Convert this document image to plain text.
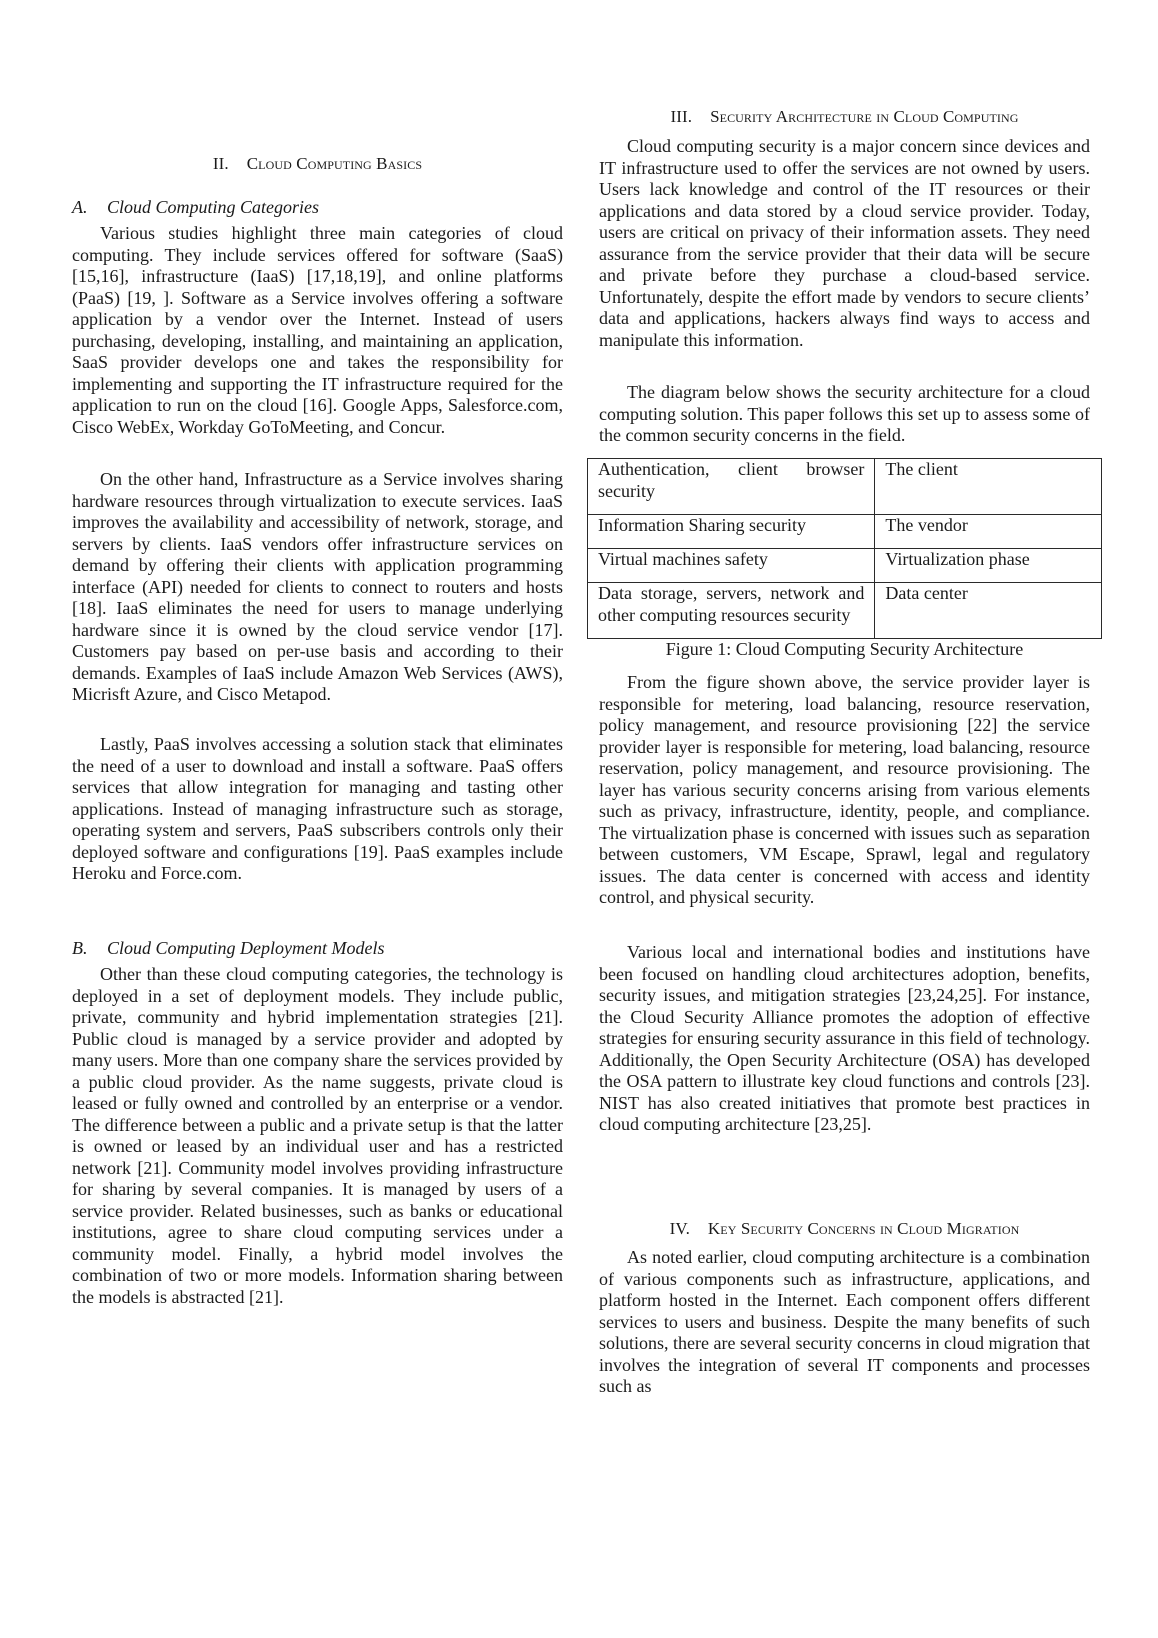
II. Cloud Computing Basics
A. Cloud Computing Categories

Various studies highlight three main categories of cloud computing. They include services offered for software (SaaS) [15,16], infrastructure (IaaS) [17,18,19], and online platforms (PaaS) [19, ]. Software as a Service involves offering a software application by a vendor over the Internet. Instead of users purchasing, developing, installing, and maintaining an application, SaaS provider develops one and takes the responsibility for implementing and supporting the IT infrastructure required for the application to run on the cloud [16]. Google Apps, Salesforce.com, Cisco WebEx, Workday GoToMeeting, and Concur.

On the other hand, Infrastructure as a Service involves sharing hardware resources through virtualization to execute services. IaaS improves the availability and accessibility of network, storage, and servers by clients. IaaS vendors offer infrastructure services on demand by offering their clients with application programming interface (API) needed for clients to connect to routers and hosts [18]. IaaS eliminates the need for users to manage underlying hardware since it is owned by the cloud service vendor [17]. Customers pay based on per-use basis and according to their demands. Examples of IaaS include Amazon Web Services (AWS), Micrisft Azure, and Cisco Metapod.

Lastly, PaaS involves accessing a solution stack that eliminates the need of a user to download and install a software. PaaS offers services that allow integration for managing and tasting other applications. Instead of managing infrastructure such as storage, operating system and servers, PaaS subscribers controls only their deployed software and configurations [19]. PaaS examples include Heroku and Force.com.

B. Cloud Computing Deployment Models

Other than these cloud computing categories, the technology is deployed in a set of deployment models. They include public, private, community and hybrid implementation strategies [21]. Public cloud is managed by a service provider and adopted by many users. More than one company share the services provided by a public cloud provider. As the name suggests, private cloud is leased or fully owned and controlled by an enterprise or a vendor. The difference between a public and a private setup is that the latter is owned or leased by an individual user and has a restricted network [21]. Community model involves providing infrastructure for sharing by several companies. It is managed by users of a service provider. Related businesses, such as banks or educational institutions, agree to share cloud computing services under a community model. Finally, a hybrid model involves the combination of two or more models. Information sharing between the models is abstracted [21].

III. Security Architecture in Cloud Computing

Cloud computing security is a major concern since devices and IT infrastructure used to offer the services are not owned by users. Users lack knowledge and control of the IT resources or their applications and data stored by a cloud service provider. Today, users are critical on privacy of their information assets. They need assurance from the service provider that their data will be secure and private before they purchase a cloud-based service. Unfortunately, despite the effort made by vendors to secure clients’ data and applications, hackers always find ways to access and manipulate this information.

The diagram below shows the security architecture for a cloud computing solution. This paper follows this set up to assess some of the common security concerns in the field.

Authentication, client browser security	The client
Information Sharing security	The vendor
Virtual machines safety	Virtualization phase
Data storage, servers, network and other computing resources security	Data center
Figure 1: Cloud Computing Security Architecture

From the figure shown above, the service provider layer is responsible for metering, load balancing, resource reservation, policy management, and resource provisioning [22] the service provider layer is responsible for metering, load balancing, resource reservation, policy management, and resource provisioning. The layer has various security concerns arising from various elements such as privacy, infrastructure, identity, people, and compliance. The virtualization phase is concerned with issues such as separation between customers, VM Escape, Sprawl, legal and regulatory issues. The data center is concerned with access and identity control, and physical security.

Various local and international bodies and institutions have been focused on handling cloud architectures adoption, benefits, security issues, and mitigation strategies [23,24,25]. For instance, the Cloud Security Alliance promotes the adoption of effective strategies for ensuring security assurance in this field of technology. Additionally, the Open Security Architecture (OSA) has developed the OSA pattern to illustrate key cloud functions and controls [23]. NIST has also created initiatives that promote best practices in cloud computing architecture [23,25].

IV. Key Security Concerns in Cloud Migration

As noted earlier, cloud computing architecture is a combination of various components such as infrastructure, applications, and platform hosted in the Internet. Each component offers different services to users and business. Despite the many benefits of such solutions, there are several security concerns in cloud migration that involves the integration of several IT components and processes such as
